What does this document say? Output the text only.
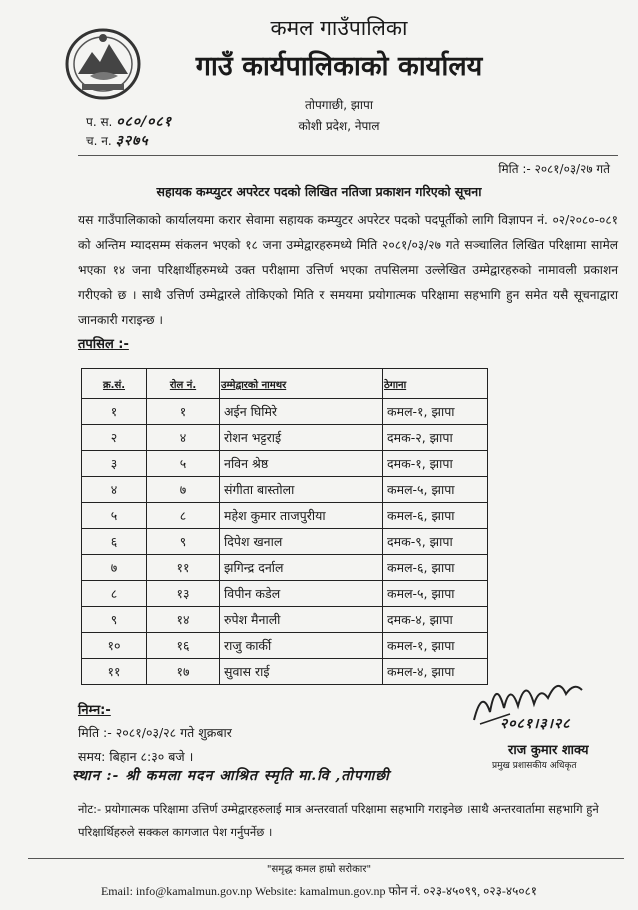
कमल गाउँपालिका
गाउँ कार्यपालिकाको कार्यालय
तोपगाछी, झापा
कोशी प्रदेश, नेपाल
प. स. ०८०/०८१
च. न. ३२७५
मिति :- २०८१/०३/२७ गते
सहायक कम्प्युटर अपरेटर पदको लिखित नतिजा प्रकाशन गरिएको सूचना
यस गाउँपालिकाको कार्यालयमा करार सेवामा सहायक कम्प्युटर अपरेटर पदको पदपूर्तीको लागि विज्ञापन नं. ०२/२०८०-०८१ को अन्तिम म्यादसम्म संकलन भएको १८ जना उम्मेद्वारहरुमध्ये मिति २०८१/०३/२७ गते सञ्चालित लिखित परिक्षामा सामेल भएका १४ जना परिक्षार्थीहरुमध्ये उक्त परीक्षामा उत्तिर्ण भएका तपसिलमा उल्लेखित उम्मेद्वारहरुको नामावली प्रकाशन गरीएको छ । साथै उत्तिर्ण उम्मेद्वारले तोकिएको मिति र समयमा प्रयोगात्मक परिक्षामा सहभागि हुन समेत यसै सूचनाद्वारा जानकारी गराइन्छ ।
तपसिल :-
क्र.सं.	रोल नं.	उम्मेद्वारको नामथर	ठेगाना
१	१	अईन घिमिरे	कमल-१, झापा
२	४	रोशन भट्टराई	दमक-२, झापा
३	५	नविन श्रेष्ठ	दमक-१, झापा
४	७	संगीता बास्तोला	कमल-५, झापा
५	८	महेश कुमार ताजपुरीया	कमल-६, झापा
६	९	दिपेश खनाल	दमक-९, झापा
७	११	झगिन्द्र दर्नाल	कमल-६, झापा
८	१३	विपीन कडेल	कमल-५, झापा
९	१४	रुपेश मैनाली	दमक-४, झापा
१०	१६	राजु कार्की	कमल-१, झापा
११	१७	सुवास राई	कमल-४, झापा
२०८१।३।२८
राज कुमार शाक्य
प्रमुख प्रशासकीय अधिकृत
निम्न:-
मिति :- २०८१/०३/२८ गते शुक्रबार
समय: बिहान ८:३० बजे ।
स्थान :- श्री कमला मदन आश्रित स्मृति मा.वि ,तोपगाछी
नोट:- प्रयोगात्मक परिक्षामा उत्तिर्ण उम्मेद्वारहरुलाई मात्र अन्तरवार्ता परिक्षामा सहभागि गराइनेछ ।साथै अन्तरवार्तामा सहभागि हुने परिक्षार्थिहरुले सक्कल कागजात पेश गर्नुपर्नेछ ।
"समृद्ध कमल हाम्रो सरोकार"
Email: info@kamalmun.gov.np Website: kamalmun.gov.np फोन नं. ०२३-४५०९९, ०२३-४५०८१
